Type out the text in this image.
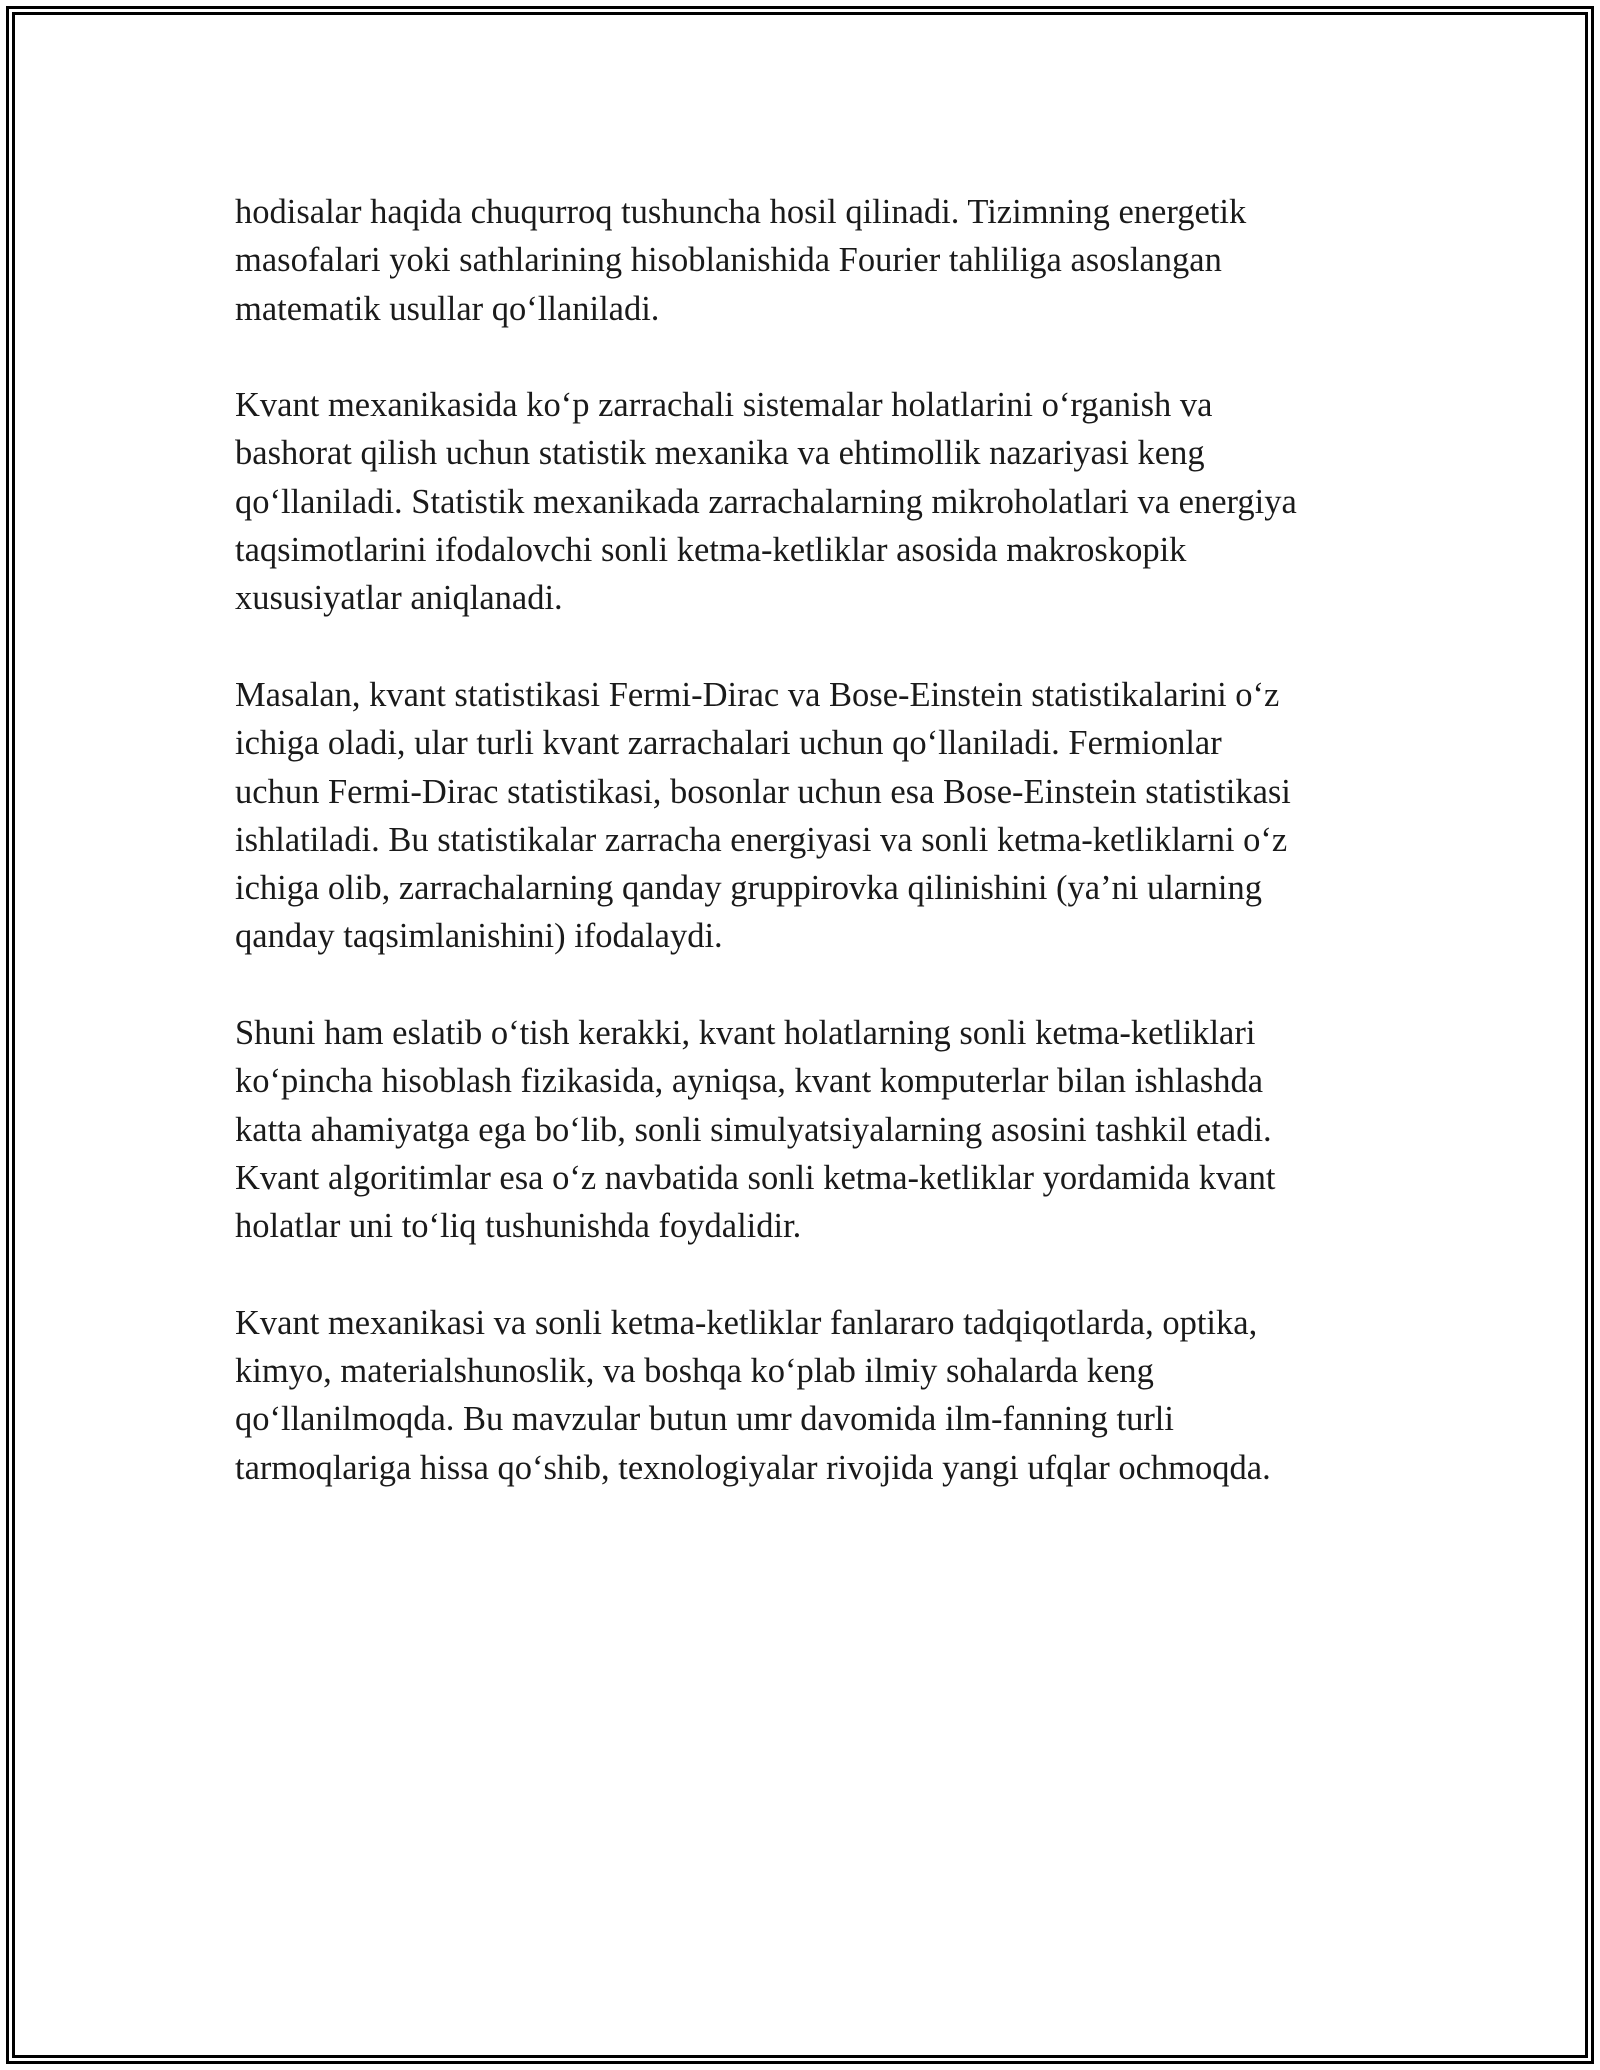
hodisalar haqida chuqurroq tushuncha hosil qilinadi. Tizimning energetik
masofalari yoki sathlarining hisoblanishida Fourier tahliliga asoslangan
matematik usullar qoʻllaniladi.

Kvant mexanikasida koʻp zarrachali sistemalar holatlarini oʻrganish va
bashorat qilish uchun statistik mexanika va ehtimollik nazariyasi keng
qoʻllaniladi. Statistik mexanikada zarrachalarning mikroholatlari va energiya
taqsimotlarini ifodalovchi sonli ketma-ketliklar asosida makroskopik
xususiyatlar aniqlanadi.

Masalan, kvant statistikasi Fermi-Dirac va Bose-Einstein statistikalarini oʻz
ichiga oladi, ular turli kvant zarrachalari uchun qoʻllaniladi. Fermionlar
uchun Fermi-Dirac statistikasi, bosonlar uchun esa Bose-Einstein statistikasi
ishlatiladi. Bu statistikalar zarracha energiyasi va sonli ketma-ketliklarni oʻz
ichiga olib, zarrachalarning qanday gruppirovka qilinishini (ya’ni ularning
qanday taqsimlanishini) ifodalaydi.

Shuni ham eslatib oʻtish kerakki, kvant holatlarning sonli ketma-ketliklari
koʻpincha hisoblash fizikasida, ayniqsa, kvant komputerlar bilan ishlashda
katta ahamiyatga ega boʻlib, sonli simulyatsiyalarning asosini tashkil etadi.
Kvant algoritimlar esa oʻz navbatida sonli ketma-ketliklar yordamida kvant
holatlar uni toʻliq tushunishda foydalidir.

Kvant mexanikasi va sonli ketma-ketliklar fanlararo tadqiqotlarda, optika,
kimyo, materialshunoslik, va boshqa koʻplab ilmiy sohalarda keng
qoʻllanilmoqda. Bu mavzular butun umr davomida ilm-fanning turli
tarmoqlariga hissa qoʻshib, texnologiyalar rivojida yangi ufqlar ochmoqda.
